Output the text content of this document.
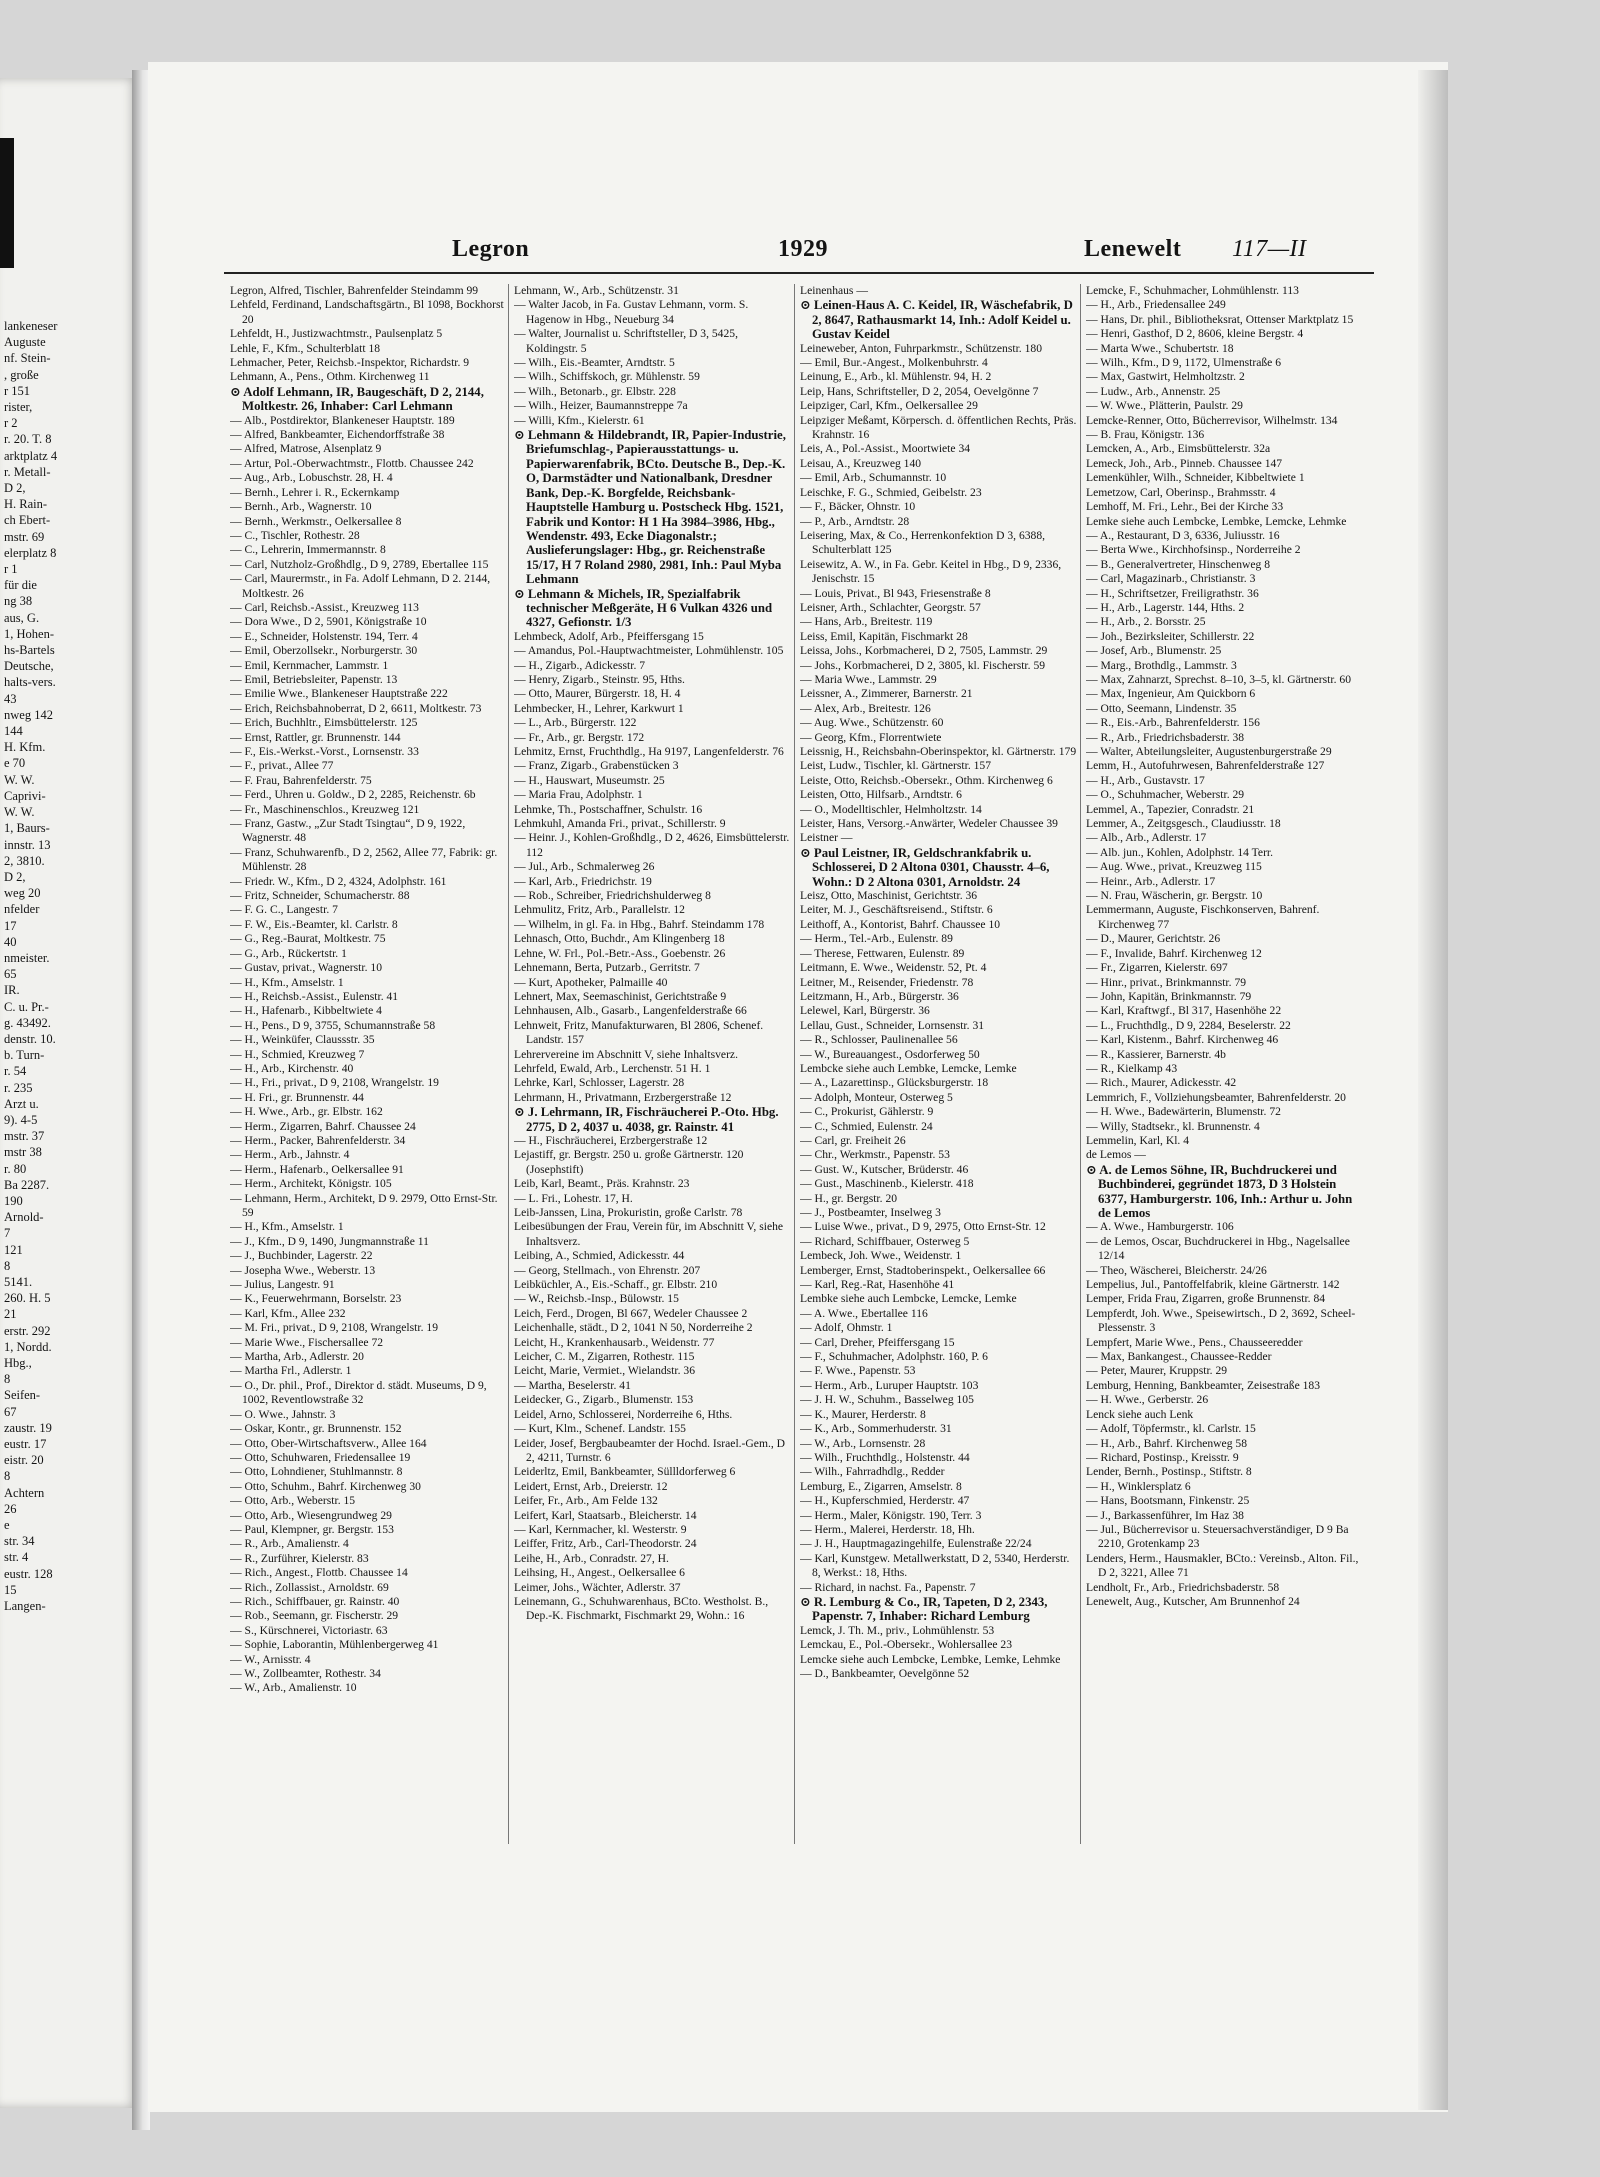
lankeneser
Auguste
nf. Stein-
, große
r 151
rister,
r 2
r. 20. T. 8
arktplatz 4
r. Metall-
D 2,
H. Rain-
ch Ebert-
mstr. 69
elerplatz 8
r 1
für die
ng 38
aus, G.
1, Hohen-
hs-Bartels
Deutsche,
halts-vers.
43
nweg 142
144
H. Kfm.
e 70
W. W.
Caprivi-
W. W.
1, Baurs-
innstr. 13
2, 3810.
D 2,
weg 20
nfelder
17
40
nmeister.
65
IR.
C. u. Pr.-
g. 43492.
denstr. 10.
b. Turn-
r. 54
r. 235
Arzt u.
9). 4-5
mstr. 37
mstr 38
r. 80
Ba 2287.
190
Arnold-
7
121
8
5141.
260. H. 5
21
erstr. 292
1, Nordd.
Hbg.,
8
Seifen-
67
zaustr. 19
eustr. 17
eistr. 20
8
Achtern
26
e
str. 34
str. 4
eustr. 128
15
Langen-
Legron	1929	Lenewelt 117—II

Legron, Alfred, Tischler, Bahrenfelder Steindamm 99

Lehfeld, Ferdinand, Landschaftsgärtn., Bl 1098, Bockhorst 20

Lehfeldt, H., Justizwachtmstr., Paulsenplatz 5

Lehle, F., Kfm., Schulterblatt 18

Lehmacher, Peter, Reichsb.-Inspektor, Richardstr. 9

Lehmann, A., Pens., Othm. Kirchenweg 11

⊙ Adolf Lehmann, IR, Baugeschäft, D 2, 2144, Moltkestr. 26, Inhaber: Carl Lehmann

— Alb., Postdirektor, Blankeneser Hauptstr. 189

— Alfred, Bankbeamter, Eichendorffstraße 38

— Alfred, Matrose, Alsenplatz 9

— Artur, Pol.-Oberwachtmstr., Flottb. Chaussee 242

— Aug., Arb., Lobuschstr. 28, H. 4

— Bernh., Lehrer i. R., Eckernkamp

— Bernh., Arb., Wagnerstr. 10

— Bernh., Werkmstr., Oelkersallee 8

— C., Tischler, Rothestr. 28

— C., Lehrerin, Immermannstr. 8

— Carl, Nutzholz-Großhdlg., D 9, 2789, Ebertallee 115

— Carl, Maurermstr., in Fa. Adolf Lehmann, D 2. 2144, Moltkestr. 26

— Carl, Reichsb.-Assist., Kreuzweg 113

— Dora Wwe., D 2, 5901, Königstraße 10

— E., Schneider, Holstenstr. 194, Terr. 4

— Emil, Oberzollsekr., Norburgerstr. 30

— Emil, Kernmacher, Lammstr. 1

— Emil, Betriebsleiter, Papenstr. 13

— Emilie Wwe., Blankeneser Hauptstraße 222

— Erich, Reichsbahnoberrat, D 2, 6611, Moltkestr. 73

— Erich, Buchhltr., Eimsbüttelerstr. 125

— Ernst, Rattler, gr. Brunnenstr. 144

— F., Eis.-Werkst.-Vorst., Lornsenstr. 33

— F., privat., Allee 77

— F. Frau, Bahrenfelderstr. 75

— Ferd., Uhren u. Goldw., D 2, 2285, Reichenstr. 6b

— Fr., Maschinenschlos., Kreuzweg 121

— Franz, Gastw., „Zur Stadt Tsingtau“, D 9, 1922, Wagnerstr. 48

— Franz, Schuhwarenfb., D 2, 2562, Allee 77, Fabrik: gr. Mühlenstr. 28

— Friedr. W., Kfm., D 2, 4324, Adolphstr. 161

— Fritz, Schneider, Schumacherstr. 88

— F. G. C., Langestr. 7

— F. W., Eis.-Beamter, kl. Carlstr. 8

— G., Reg.-Baurat, Moltkestr. 75

— G., Arb., Rückertstr. 1

— Gustav, privat., Wagnerstr. 10

— H., Kfm., Amselstr. 1

— H., Reichsb.-Assist., Eulenstr. 41

— H., Hafenarb., Kibbeltwiete 4

— H., Pens., D 9, 3755, Schumannstraße 58

— H., Weinküfer, Claussstr. 35

— H., Schmied, Kreuzweg 7

— H., Arb., Kirchenstr. 40

— H., Fri., privat., D 9, 2108, Wrangelstr. 19

— H. Fri., gr. Brunnenstr. 44

— H. Wwe., Arb., gr. Elbstr. 162

— Herm., Zigarren, Bahrf. Chaussee 24

— Herm., Packer, Bahrenfelderstr. 34

— Herm., Arb., Jahnstr. 4

— Herm., Hafenarb., Oelkersallee 91

— Herm., Architekt, Königstr. 105

— Lehmann, Herm., Architekt, D 9. 2979, Otto Ernst-Str. 59

— H., Kfm., Amselstr. 1

— J., Kfm., D 9, 1490, Jungmannstraße 11

— J., Buchbinder, Lagerstr. 22

— Josepha Wwe., Weberstr. 13

— Julius, Langestr. 91

— K., Feuerwehrmann, Borselstr. 23

— Karl, Kfm., Allee 232

— M. Fri., privat., D 9, 2108, Wrangelstr. 19

— Marie Wwe., Fischersallee 72

— Martha, Arb., Adlerstr. 20

— Martha Frl., Adlerstr. 1

— O., Dr. phil., Prof., Direktor d. städt. Museums, D 9, 1002, Reventlowstraße 32

— O. Wwe., Jahnstr. 3

— Oskar, Kontr., gr. Brunnenstr. 152

— Otto, Ober-Wirtschaftsverw., Allee 164

— Otto, Schuhwaren, Friedensallee 19

— Otto, Lohndiener, Stuhlmannstr. 8

— Otto, Schuhm., Bahrf. Kirchenweg 30

— Otto, Arb., Weberstr. 15

— Otto, Arb., Wiesengrundweg 29

— Paul, Klempner, gr. Bergstr. 153

— R., Arb., Amalienstr. 4

— R., Zurführer, Kielerstr. 83

— Rich., Angest., Flottb. Chaussee 14

— Rich., Zollassist., Arnoldstr. 69

— Rich., Schiffbauer, gr. Rainstr. 40

— Rob., Seemann, gr. Fischerstr. 29

— S., Kürschnerei, Victoriastr. 63

— Sophie, Laborantin, Mühlenbergerweg 41

— W., Arnisstr. 4

— W., Zollbeamter, Rothestr. 34

— W., Arb., Amalienstr. 10

Lehmann, W., Arb., Schützenstr. 31

— Walter Jacob, in Fa. Gustav Lehmann, vorm. S. Hagenow in Hbg., Neueburg 34

— Walter, Journalist u. Schriftsteller, D 3, 5425, Koldingstr. 5

— Wilh., Eis.-Beamter, Arndtstr. 5

— Wilh., Schiffskoch, gr. Mühlenstr. 59

— Wilh., Betonarb., gr. Elbstr. 228

— Wilh., Heizer, Baumannstreppe 7a

— Willi, Kfm., Kielerstr. 61

⊙ Lehmann & Hildebrandt, IR, Papier-Industrie, Briefumschlag-, Papierausstattungs- u. Papierwarenfabrik, BCto. Deutsche B., Dep.-K. O, Darmstädter und Nationalbank, Dresdner Bank, Dep.-K. Borgfelde, Reichsbank-Hauptstelle Hamburg u. Postscheck Hbg. 1521, Fabrik und Kontor: H 1 Ha 3984–3986, Hbg., Wendenstr. 493, Ecke Diagonalstr.; Auslieferungslager: Hbg., gr. Reichenstraße 15/17, H 7 Roland 2980, 2981, Inh.: Paul Myba Lehmann

⊙ Lehmann & Michels, IR, Spezialfabrik technischer Meßgeräte, H 6 Vulkan 4326 und 4327, Gefionstr. 1/3

Lehmbeck, Adolf, Arb., Pfeiffersgang 15

— Amandus, Pol.-Hauptwachtmeister, Lohmühlenstr. 105

— H., Zigarb., Adickesstr. 7

— Henry, Zigarb., Steinstr. 95, Hths.

— Otto, Maurer, Bürgerstr. 18, H. 4

Lehmbecker, H., Lehrer, Karkwurt 1

— L., Arb., Bürgerstr. 122

— Fr., Arb., gr. Bergstr. 172

Lehmitz, Ernst, Fruchthdlg., Ha 9197, Langenfelderstr. 76

— Franz, Zigarb., Grabenstücken 3

— H., Hauswart, Museumstr. 25

— Maria Frau, Adolphstr. 1

Lehmke, Th., Postschaffner, Schulstr. 16

Lehmkuhl, Amanda Fri., privat., Schillerstr. 9

— Heinr. J., Kohlen-Großhdlg., D 2, 4626, Eimsbüttelerstr. 112

— Jul., Arb., Schmalerweg 26

— Karl, Arb., Friedrichstr. 19

— Rob., Schreiber, Friedrichshulderweg 8

Lehmulitz, Fritz, Arb., Parallelstr. 12

— Wilhelm, in gl. Fa. in Hbg., Bahrf. Steindamm 178

Lehnasch, Otto, Buchdr., Am Klingenberg 18

Lehne, W. Frl., Pol.-Betr.-Ass., Goebenstr. 26

Lehnemann, Berta, Putzarb., Gerritstr. 7

— Kurt, Apotheker, Palmaille 40

Lehnert, Max, Seemaschinist, Gerichtstraße 9

Lehnhausen, Alb., Gasarb., Langenfelderstraße 66

Lehnweit, Fritz, Manufakturwaren, Bl 2806, Schenef. Landstr. 157

Lehrervereine im Abschnitt V, siehe Inhaltsverz.

Lehrfeld, Ewald, Arb., Lerchenstr. 51 H. 1

Lehrke, Karl, Schlosser, Lagerstr. 28

Lehrmann, H., Privatmann, Erzbergerstraße 12

⊙ J. Lehrmann, IR, Fischräucherei P.-Oto. Hbg. 2775, D 2, 4037 u. 4038, gr. Rainstr. 41

— H., Fischräucherei, Erzbergerstraße 12

Lejastiff, gr. Bergstr. 250 u. große Gärtnerstr. 120 (Josephstift)

Leib, Karl, Beamt., Präs. Krahnstr. 23

— L. Fri., Lohestr. 17, H.

Leib-Janssen, Lina, Prokuristin, große Carlstr. 78

Leibesübungen der Frau, Verein für, im Abschnitt V, siehe Inhaltsverz.

Leibing, A., Schmied, Adickesstr. 44

— Georg, Stellmach., von Ehrenstr. 207

Leibküchler, A., Eis.-Schaff., gr. Elbstr. 210

— W., Reichsb.-Insp., Bülowstr. 15

Leich, Ferd., Drogen, Bl 667, Wedeler Chaussee 2

Leichenhalle, städt., D 2, 1041 N 50, Norderreihe 2

Leicht, H., Krankenhausarb., Weidenstr. 77

Leicher, C. M., Zigarren, Rothestr. 115

Leicht, Marie, Vermiet., Wielandstr. 36

— Martha, Beselerstr. 41

Leidecker, G., Zigarb., Blumenstr. 153

Leidel, Arno, Schlosserei, Norderreihe 6, Hths.

— Kurt, Klm., Schenef. Landstr. 155

Leider, Josef, Bergbaubeamter der Hochd. Israel.-Gem., D 2, 4211, Turnstr. 6

Leiderltz, Emil, Bankbeamter, Süllldorferweg 6

Leidert, Ernst, Arb., Dreierstr. 12

Leifer, Fr., Arb., Am Felde 132

Leifert, Karl, Staatsarb., Bleicherstr. 14

— Karl, Kernmacher, kl. Westerstr. 9

Leiffer, Fritz, Arb., Carl-Theodorstr. 24

Leihe, H., Arb., Conradstr. 27, H.

Leihsing, H., Angest., Oelkersallee 6

Leimer, Johs., Wächter, Adlerstr. 37

Leinemann, G., Schuhwarenhaus, BCto. Westholst. B., Dep.-K. Fischmarkt, Fischmarkt 29, Wohn.: 16

Leinenhaus —

⊙ Leinen-Haus A. C. Keidel, IR, Wäschefabrik, D 2, 8647, Rathausmarkt 14, Inh.: Adolf Keidel u. Gustav Keidel

Leineweber, Anton, Fuhrparkmstr., Schützenstr. 180

— Emil, Bur.-Angest., Molkenbuhrstr. 4

Leinung, E., Arb., kl. Mühlenstr. 94, H. 2

Leip, Hans, Schriftsteller, D 2, 2054, Oevelgönne 7

Leipziger, Carl, Kfm., Oelkersallee 29

Leipziger Meßamt, Körpersch. d. öffentlichen Rechts, Präs. Krahnstr. 16

Leis, A., Pol.-Assist., Moortwiete 34

Leisau, A., Kreuzweg 140

— Emil, Arb., Schumannstr. 10

Leischke, F. G., Schmied, Geibelstr. 23

— F., Bäcker, Ohnstr. 10

— P., Arb., Arndtstr. 28

Leisering, Max, & Co., Herrenkonfektion D 3, 6388, Schulterblatt 125

Leisewitz, A. W., in Fa. Gebr. Keitel in Hbg., D 9, 2336, Jenischstr. 15

— Louis, Privat., Bl 943, Friesenstraße 8

Leisner, Arth., Schlachter, Georgstr. 57

— Hans, Arb., Breitestr. 119

Leiss, Emil, Kapitän, Fischmarkt 28

Leissa, Johs., Korbmacherei, D 2, 7505, Lammstr. 29

— Johs., Korbmacherei, D 2, 3805, kl. Fischerstr. 59

— Maria Wwe., Lammstr. 29

Leissner, A., Zimmerer, Barnerstr. 21

— Alex, Arb., Breitestr. 126

— Aug. Wwe., Schützenstr. 60

— Georg, Kfm., Florrentwiete

Leissnig, H., Reichsbahn-Oberinspektor, kl. Gärtnerstr. 179

Leist, Ludw., Tischler, kl. Gärtnerstr. 157

Leiste, Otto, Reichsb.-Obersekr., Othm. Kirchenweg 6

Leisten, Otto, Hilfsarb., Arndtstr. 6

— O., Modelltischler, Helmholtzstr. 14

Leister, Hans, Versorg.-Anwärter, Wedeler Chaussee 39

Leistner —

⊙ Paul Leistner, IR, Geldschrankfabrik u. Schlosserei, D 2 Altona 0301, Chausstr. 4–6, Wohn.: D 2 Altona 0301, Arnoldstr. 24

Leisz, Otto, Maschinist, Gerichtstr. 36

Leiter, M. J., Geschäftsreisend., Stiftstr. 6

Leithoff, A., Kontorist, Bahrf. Chaussee 10

— Herm., Tel.-Arb., Eulenstr. 89

— Therese, Fettwaren, Eulenstr. 89

Leitmann, E. Wwe., Weidenstr. 52, Pt. 4

Leitner, M., Reisender, Friedenstr. 78

Leitzmann, H., Arb., Bürgerstr. 36

Lelewel, Karl, Bürgerstr. 36

Lellau, Gust., Schneider, Lornsenstr. 31

— R., Schlosser, Paulinenallee 56

— W., Bureauangest., Osdorferweg 50

Lembcke siehe auch Lembke, Lemcke, Lemke

— A., Lazarettinsp., Glücksburgerstr. 18

— Adolph, Monteur, Osterweg 5

— C., Prokurist, Gählerstr. 9

— C., Schmied, Eulenstr. 24

— Carl, gr. Freiheit 26

— Chr., Werkmstr., Papenstr. 53

— Gust. W., Kutscher, Brüderstr. 46

— Gust., Maschinenb., Kielerstr. 418

— H., gr. Bergstr. 20

— J., Postbeamter, Inselweg 3

— Luise Wwe., privat., D 9, 2975, Otto Ernst-Str. 12

— Richard, Schiffbauer, Osterweg 5

Lembeck, Joh. Wwe., Weidenstr. 1

Lemberger, Ernst, Stadtoberinspekt., Oelkersallee 66

— Karl, Reg.-Rat, Hasenhöhe 41

Lembke siehe auch Lembcke, Lemcke, Lemke

— A. Wwe., Ebertallee 116

— Adolf, Ohmstr. 1

— Carl, Dreher, Pfeiffersgang 15

— F., Schuhmacher, Adolphstr. 160, P. 6

— F. Wwe., Papenstr. 53

— Herm., Arb., Luruper Hauptstr. 103

— J. H. W., Schuhm., Basselweg 105

— K., Maurer, Herderstr. 8

— K., Arb., Sommerhuderstr. 31

— W., Arb., Lornsenstr. 28

— Wilh., Fruchthdlg., Holstenstr. 44

— Wilh., Fahrradhdlg., Redder

Lemburg, E., Zigarren, Amselstr. 8

— H., Kupferschmied, Herderstr. 47

— Herm., Maler, Königstr. 190, Terr. 3

— Herm., Malerei, Herderstr. 18, Hh.

— J. H., Hauptmagazingehilfe, Eulenstraße 22/24

— Karl, Kunstgew. Metallwerkstatt, D 2, 5340, Herderstr. 8, Werkst.: 18, Hths.

— Richard, in nachst. Fa., Papenstr. 7

⊙ R. Lemburg & Co., IR, Tapeten, D 2, 2343, Papenstr. 7, Inhaber: Richard Lemburg

Lemck, J. Th. M., priv., Lohmühlenstr. 53

Lemckau, E., Pol.-Obersekr., Wohlersallee 23

Lemcke siehe auch Lembcke, Lembke, Lemke, Lehmke

— D., Bankbeamter, Oevelgönne 52

Lemcke, F., Schuhmacher, Lohmühlenstr. 113

— H., Arb., Friedensallee 249

— Hans, Dr. phil., Bibliotheksrat, Ottenser Marktplatz 15

— Henri, Gasthof, D 2, 8606, kleine Bergstr. 4

— Marta Wwe., Schubertstr. 18

— Wilh., Kfm., D 9, 1172, Ulmenstraße 6

— Max, Gastwirt, Helmholtzstr. 2

— Ludw., Arb., Annenstr. 25

— W. Wwe., Plätterin, Paulstr. 29

Lemcke-Renner, Otto, Bücherrevisor, Wilhelmstr. 134

— B. Frau, Königstr. 136

Lemcken, A., Arb., Eimsbüttelerstr. 32a

Lemeck, Joh., Arb., Pinneb. Chaussee 147

Lemenkühler, Wilh., Schneider, Kibbeltwiete 1

Lemetzow, Carl, Oberinsp., Brahmsstr. 4

Lemhoff, M. Fri., Lehr., Bei der Kirche 33

Lemke siehe auch Lembcke, Lembke, Lemcke, Lehmke

— A., Restaurant, D 3, 6336, Juliusstr. 16

— Berta Wwe., Kirchhofsinsp., Norderreihe 2

— B., Generalvertreter, Hinschenweg 8

— Carl, Magazinarb., Christianstr. 3

— H., Schriftsetzer, Freiligrathstr. 36

— H., Arb., Lagerstr. 144, Hths. 2

— H., Arb., 2. Borsstr. 25

— Joh., Bezirksleiter, Schillerstr. 22

— Josef, Arb., Blumenstr. 25

— Marg., Brothdlg., Lammstr. 3

— Max, Zahnarzt, Sprechst. 8–10, 3–5, kl. Gärtnerstr. 60

— Max, Ingenieur, Am Quickborn 6

— Otto, Seemann, Lindenstr. 35

— R., Eis.-Arb., Bahrenfelderstr. 156

— R., Arb., Friedrichsbaderstr. 38

— Walter, Abteilungsleiter, Augustenburgerstraße 29

Lemm, H., Autofuhrwesen, Bahrenfelderstraße 127

— H., Arb., Gustavstr. 17

— O., Schuhmacher, Weberstr. 29

Lemmel, A., Tapezier, Conradstr. 21

Lemmer, A., Zeitgsgesch., Claudiusstr. 18

— Alb., Arb., Adlerstr. 17

— Alb. jun., Kohlen, Adolphstr. 14 Terr.

— Aug. Wwe., privat., Kreuzweg 115

— Heinr., Arb., Adlerstr. 17

— N. Frau, Wäscherin, gr. Bergstr. 10

Lemmermann, Auguste, Fischkonserven, Bahrenf. Kirchenweg 77

— D., Maurer, Gerichtstr. 26

— F., Invalide, Bahrf. Kirchenweg 12

— Fr., Zigarren, Kielerstr. 697

— Hinr., privat., Brinkmannstr. 79

— John, Kapitän, Brinkmannstr. 79

— Karl, Kraftwgf., Bl 317, Hasenhöhe 22

— L., Fruchthdlg., D 9, 2284, Beselerstr. 22

— Karl, Kistenm., Bahrf. Kirchenweg 46

— R., Kassierer, Barnerstr. 4b

— R., Kielkamp 43

— Rich., Maurer, Adickesstr. 42

Lemmrich, F., Vollziehungsbeamter, Bahrenfelderstr. 20

— H. Wwe., Badewärterin, Blumenstr. 72

— Willy, Stadtsekr., kl. Brunnenstr. 4

Lemmelin, Karl, Kl. 4

de Lemos —

⊙ A. de Lemos Söhne, IR, Buchdruckerei und Buchbinderei, gegründet 1873, D 3 Holstein 6377, Hamburgerstr. 106, Inh.: Arthur u. John de Lemos

— A. Wwe., Hamburgerstr. 106

— de Lemos, Oscar, Buchdruckerei in Hbg., Nagelsallee 12/14

— Theo, Wäscherei, Bleicherstr. 24/26

Lempelius, Jul., Pantoffelfabrik, kleine Gärtnerstr. 142

Lemper, Frida Frau, Zigarren, große Brunnenstr. 84

Lempferdt, Joh. Wwe., Speisewirtsch., D 2, 3692, Scheel-Plessenstr. 3

Lempfert, Marie Wwe., Pens., Chausseeredder

— Max, Bankangest., Chaussee-Redder

— Peter, Maurer, Kruppstr. 29

Lemburg, Henning, Bankbeamter, Zeisestraße 183

— H. Wwe., Gerberstr. 26

Lenck siehe auch Lenk

— Adolf, Töpfermstr., kl. Carlstr. 15

— H., Arb., Bahrf. Kirchenweg 58

— Richard, Postinsp., Kreisstr. 9

Lender, Bernh., Postinsp., Stiftstr. 8

— H., Winklersplatz 6

— Hans, Bootsmann, Finkenstr. 25

— J., Barkassenführer, Im Haz 38

— Jul., Bücherrevisor u. Steuersachverständiger, D 9 Ba 2210, Grotenkamp 23

Lenders, Herm., Hausmakler, BCto.: Vereinsb., Alton. Fil., D 2, 3221, Allee 71

Lendholt, Fr., Arb., Friedrichsbaderstr. 58

Lenewelt, Aug., Kutscher, Am Brunnenhof 24
